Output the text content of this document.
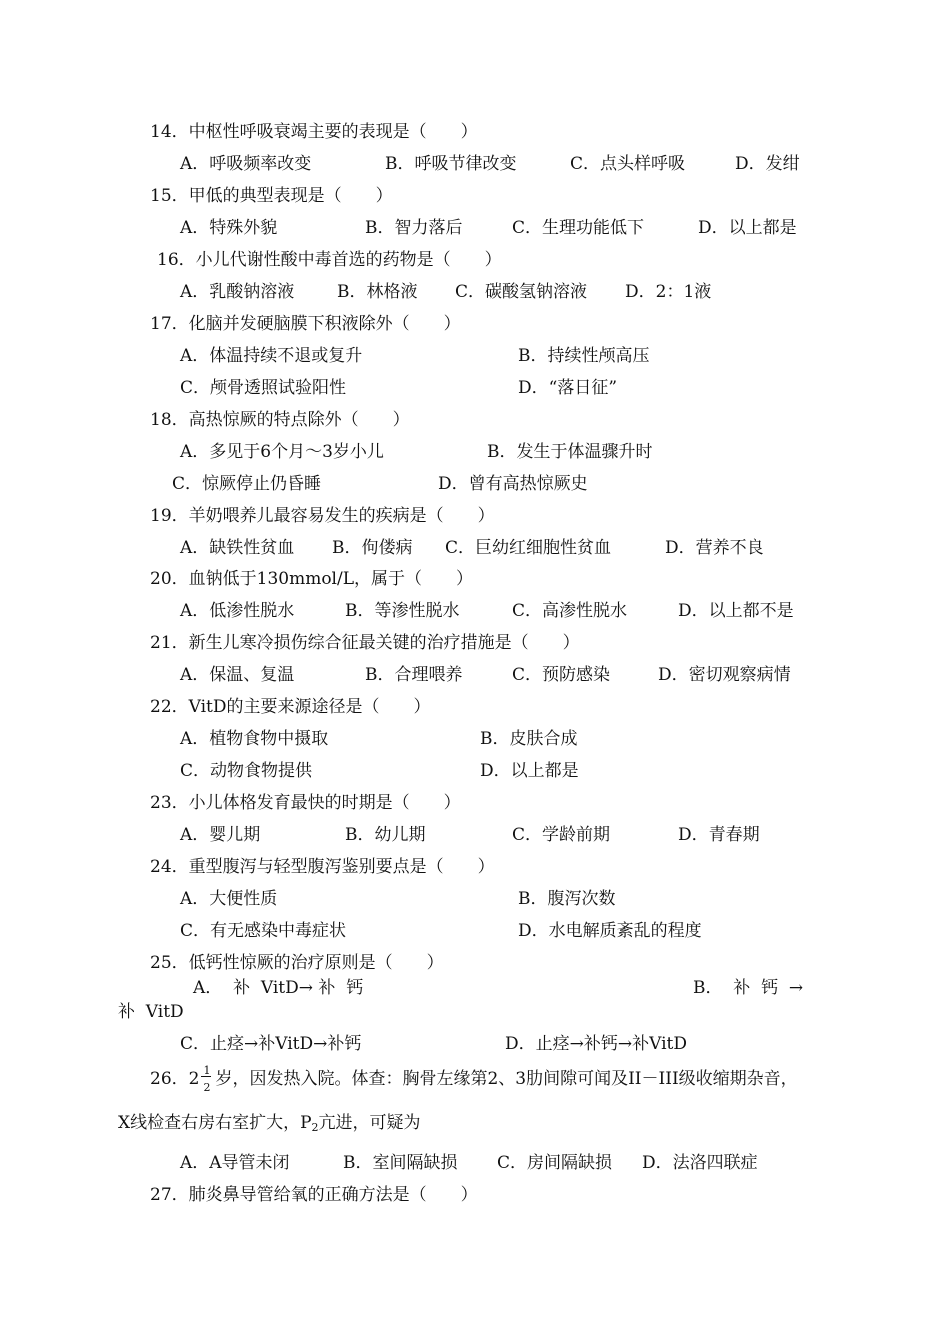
14．中枢性呼吸衰竭主要的表现是（　　）
A．呼吸频率改变	B．呼吸节律改变	C．点头样呼吸	D．发绀
15．甲低的典型表现是（　　）
A．特殊外貌	B．智力落后	C．生理功能低下	D．以上都是
16．小儿代谢性酸中毒首选的药物是（　　）
A．乳酸钠溶液	B．林格液 C．碳酸氢钠溶液 D．2：1液
17．化脑并发硬脑膜下积液除外（　　）
A．体温持续不退或复升	B．持续性颅高压
C．颅骨透照试验阳性	D．“落日征”
18．高热惊厥的特点除外（　　）
A．多见于6个月～3岁小儿	B．发生于体温骤升时
C．惊厥停止仍昏睡	D．曾有高热惊厥史
19．羊奶喂养儿最容易发生的疾病是（　　）
A．缺铁性贫血 B．佝偻病 C．巨幼红细胞性贫血	D．营养不良
20．血钠低于130mmol/L，属于（　　）
A．低渗性脱水	B．等渗性脱水	C．高渗性脱水	D．以上都不是
21．新生儿寒冷损伤综合征最关键的治疗措施是（　　）
A．保温、复温	B．合理喂养	C．预防感染	D．密切观察病情
22．VitD的主要来源途径是（　　）
A．植物食物中摄取	B．皮肤合成
C．动物食物提供	D．以上都是
23．小儿体格发育最快的时期是（　　）
A．婴儿期	B．幼儿期	C．学龄前期	D．青春期
24．重型腹泻与轻型腹泻鉴别要点是（　　）
A．大便性质	B．腹泻次数
C．有无感染中毒症状	D．水电解质紊乱的程度
25．低钙性惊厥的治疗原则是（　　）
A．  补  VitD→ 补  钙	B．  补  钙  →
补  VitD
C．止痉→补VitD→补钙	D．止痉→补钙→补VitD
26．$2 \frac{1}{2}$ 岁，因发热入院。体查：胸骨左缘第2、3肋间隙可闻及II－III级收缩期杂音，
X线检查右房右室扩大，$P_2$亢进，可疑为
A．A导管未闭	B．室间隔缺损 C．房间隔缺损 D．法洛四联症
27．肺炎鼻导管给氧的正确方法是（　　）
